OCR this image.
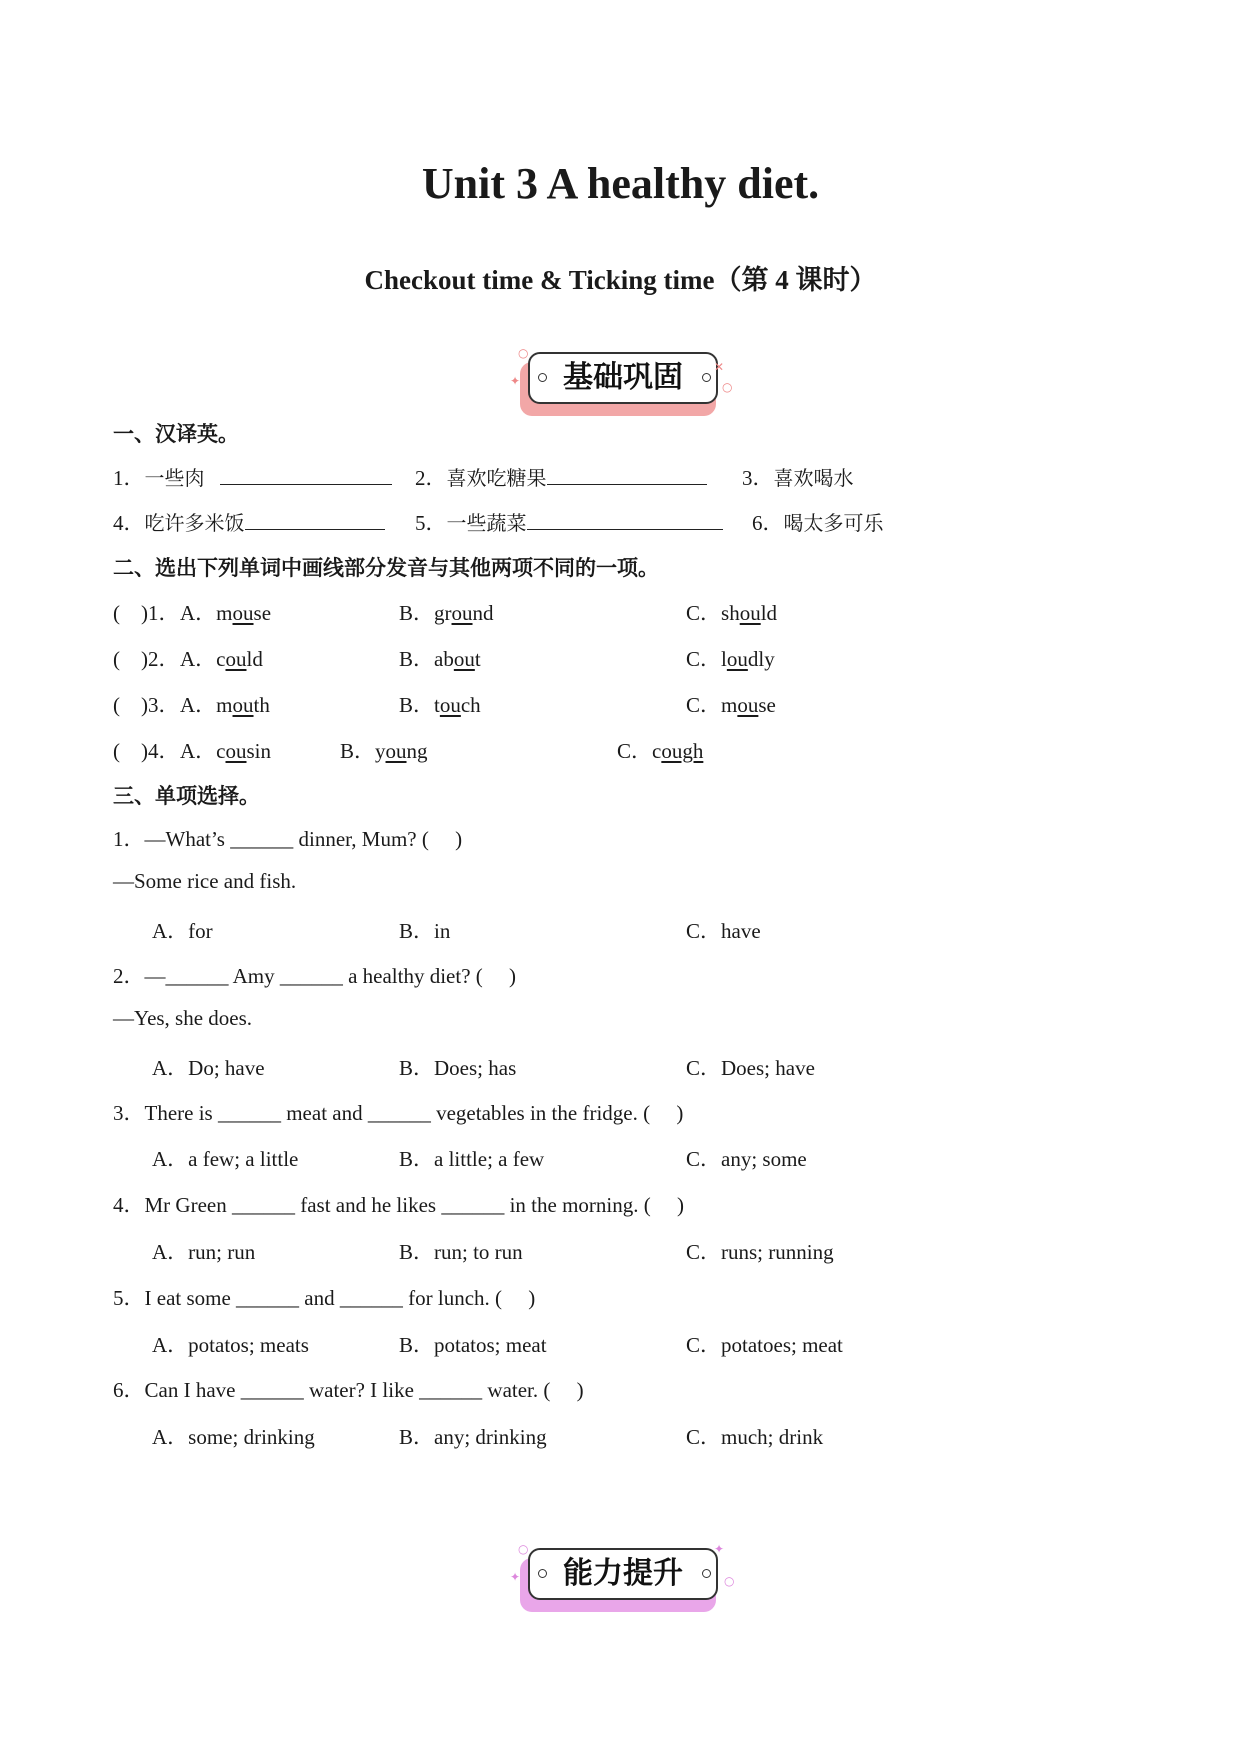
Unit 3 A healthy diet.
Checkout time & Ticking time（第 4 课时）
基础巩固
○
✦
✕
○
一、汉译英。
1．一些肉	2．喜欢吃糖果	3．喜欢喝水
4．吃许多米饭	5．一些蔬菜	6．喝太多可乐
二、选出下列单词中画线部分发音与其他两项不同的一项。
(　)1． A．mouse	B．ground	C．should
(　)2． A．could	B．about	C．loudly
(　)3． A．mouth	B．touch	C．mouse
(　)4． A．cousin	B．young	C．cough
三、单项选择。
1．—What’s ______ dinner, Mum? (　 )
—Some rice and fish.
A．for	B．in	C．have
2．—______ Amy ______ a healthy diet? (　 )
—Yes, she does.
A．Do; have	B．Does; has	C．Does; have
3．There is ______ meat and ______ vegetables in the fridge. (　 )
A．a few; a little	B．a little; a few	C．any; some
4．Mr Green ______ fast and he likes ______ in the morning. (　 )
A．run; run	B．run; to run	C．runs; running
5．I eat some ______ and ______ for lunch. (　 )
A．potatos; meats	B．potatos; meat	C．potatoes; meat
6．Can I have ______ water? I like ______ water. (　 )
A．some; drinking	B．any; drinking	C．much; drink
能力提升
○
✦
✦
○
